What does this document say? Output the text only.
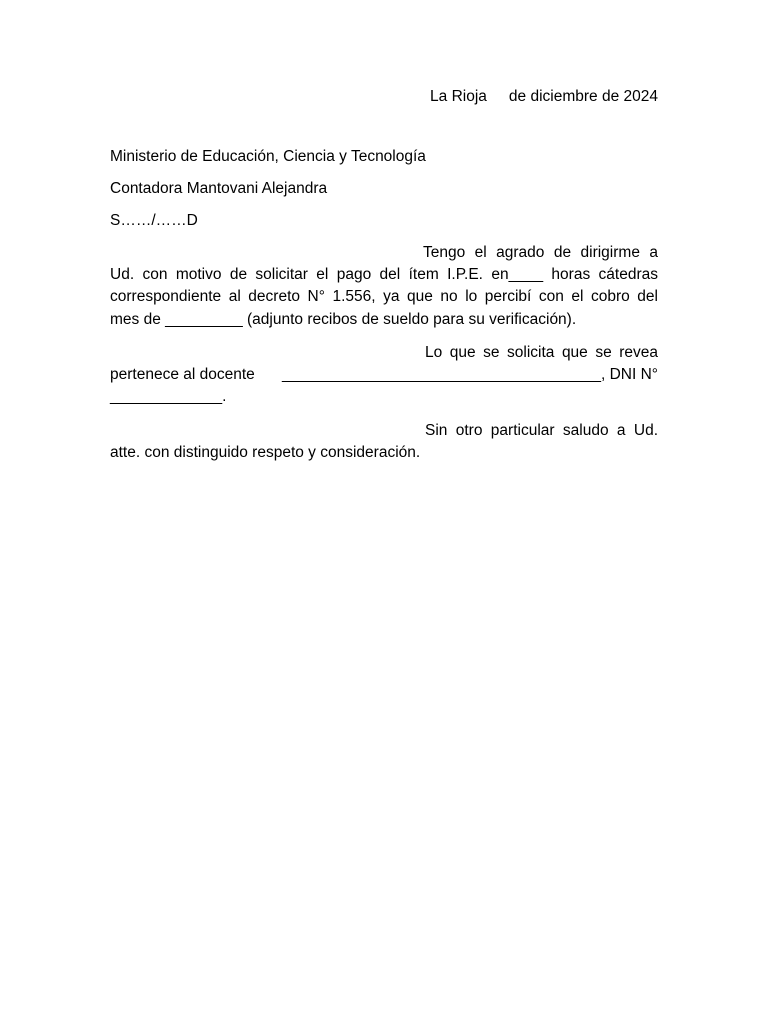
La Rioja de diciembre de 2024
Ministerio de Educación, Ciencia y Tecnología
Contadora Mantovani Alejandra
S……/……D
Tengo el agrado de dirigirme a
Ud. con motivo de solicitar el pago del ítem I.P.E. en____ horas cátedras
correspondiente al decreto N° 1.556, ya que no lo percibí con el cobro del
mes de _________ (adjunto recibos de sueldo para su verificación).
Lo que se solicita que se revea
pertenece al docente _____________________________________, DNI N°
_____________.
Sin otro particular saludo a Ud.
atte. con distinguido respeto y consideración.
